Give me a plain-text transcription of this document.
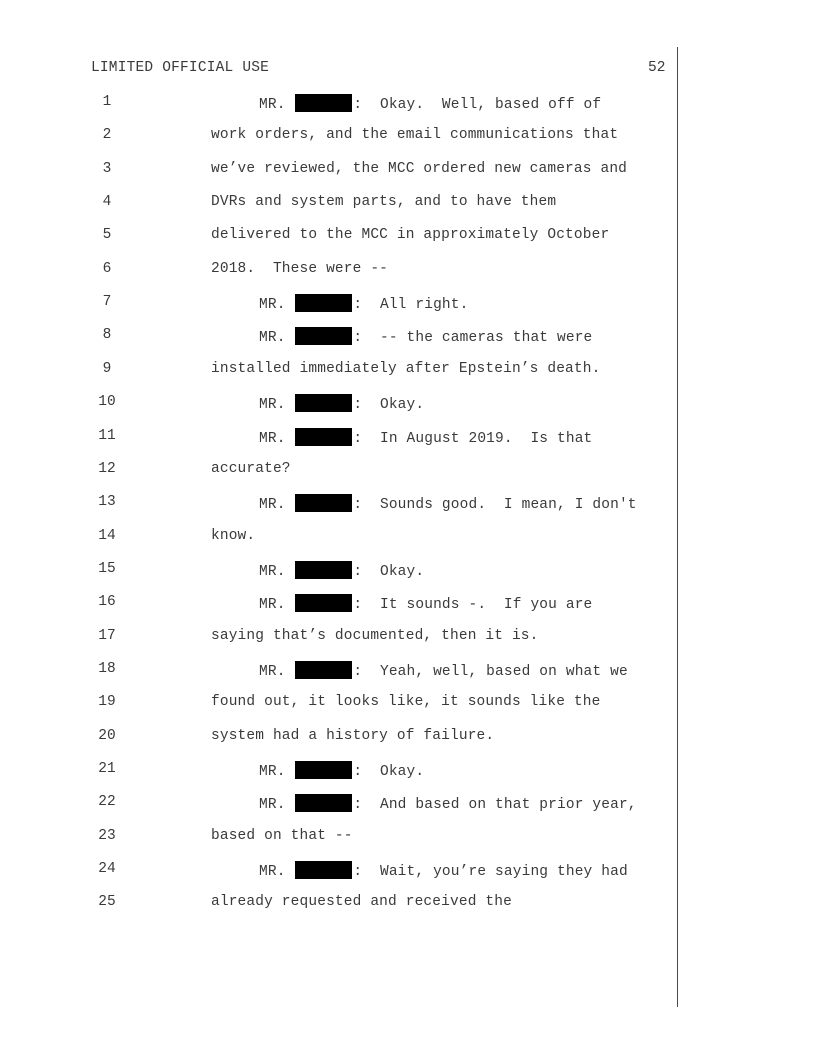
LIMITED OFFICIAL USE	52
1	MR.	:  Okay.  Well, based off of
2	work orders, and the email communications that
3	we’ve reviewed, the MCC ordered new cameras and
4	DVRs and system parts, and to have them
5	delivered to the MCC in approximately October
6	2018.  These were --
7	MR.	:  All right.
8	MR.	:  -- the cameras that were
9	installed immediately after Epstein’s death.
10	MR.	:  Okay.
11	MR.	:  In August 2019.  Is that
12	accurate?
13	MR.	:  Sounds good.  I mean, I don't
14	know.
15	MR.	:  Okay.
16	MR.	:  It sounds -.  If you are
17	saying that’s documented, then it is.
18	MR.	:  Yeah, well, based on what we
19	found out, it looks like, it sounds like the
20	system had a history of failure.
21	MR.	:  Okay.
22	MR.	:  And based on that prior year,
23	based on that --
24	MR.	:  Wait, you’re saying they had
25	already requested and received the
